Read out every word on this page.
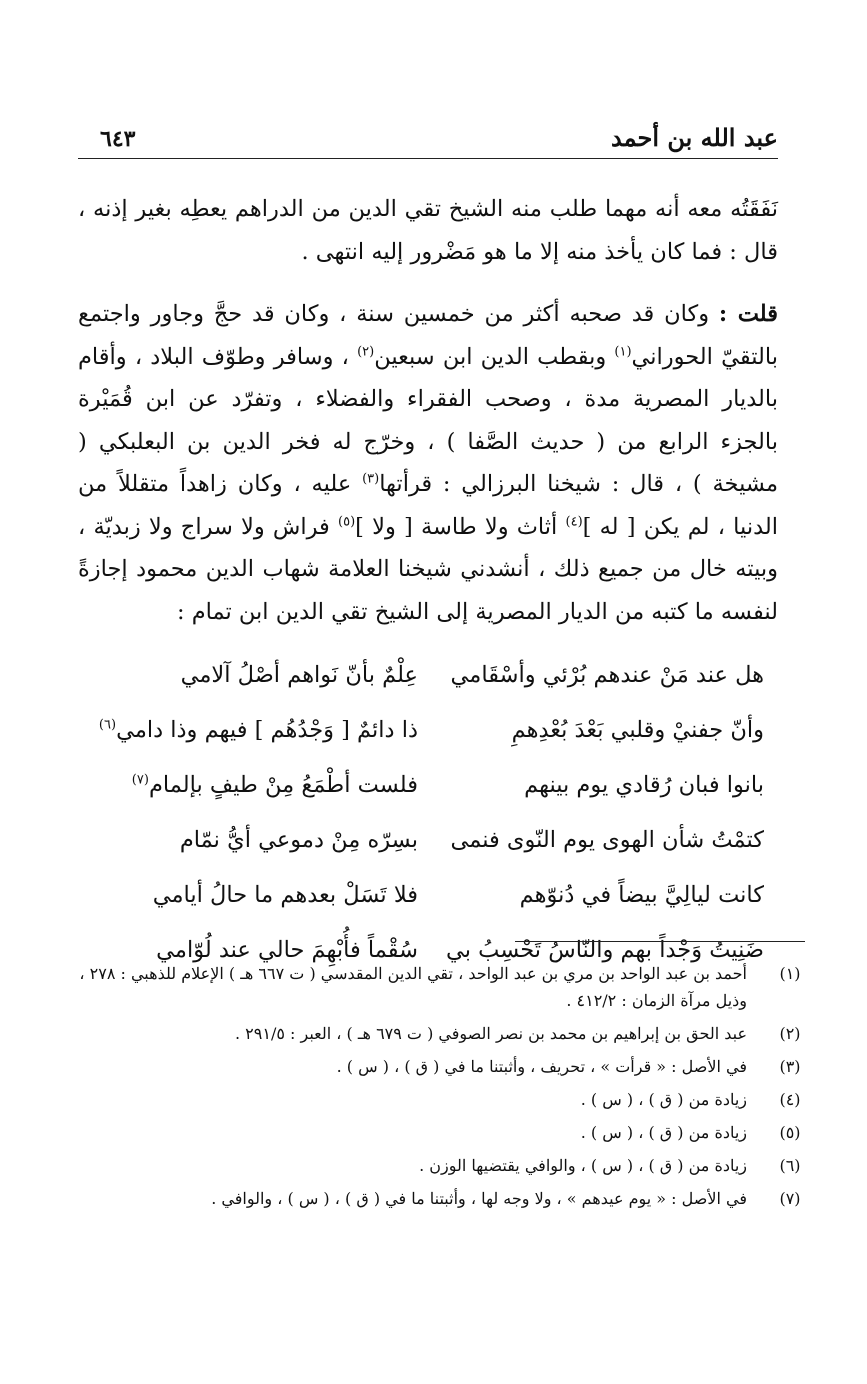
عبد الله بن أحمد
٦٤٣

نَفَقَتُه معه أنه مهما طلب منه الشيخ تقي الدين من الدراهم يعطِه بغير إذنه ، قال : فما كان يأخذ منه إلا ما هو مَضْرور إليه انتهى .

قلت : وكان قد صحبه أكثر من خمسين سنة ، وكان قد حجَّ وجاور واجتمع بالتقيّ الحوراني$^{(١)}$ وبقطب الدين ابن سبعين$^{(٢)}$ ، وسافر وطوّف البلاد ، وأقام بالديار المصرية مدة ، وصحب الفقراء والفضلاء ، وتفرّد عن ابن قُمَيْرة بالجزء الرابع من ( حديث الصَّفا ) ، وخرّج له فخر الدين بن البعلبكي ( مشيخة ) ، قال : شيخنا البرزالي : قرأتها$^{(٣)}$ عليه ، وكان زاهداً متقللاً من الدنيا ، لم يكن [ له ]$^{(٤)}$ أثاث ولا طاسة [ ولا ]$^{(٥)}$ فراش ولا سراج ولا زبديّة ، وبيته خال من جميع ذلك ، أنشدني شيخنا العلامة شهاب الدين محمود إجازةً لنفسه ما كتبه من الديار المصرية إلى الشيخ تقي الدين ابن تمام :

هل عند مَنْ عندهم بُرْئي وأسْقَامي
عِلْمٌ بأنّ نَواهم أصْلُ آلامي
وأنّ جفنيْ وقلبي بَعْدَ بُعْدِهمِ
ذا دائمٌ [ وَجْدُهُم ] فيهم وذا دامي$^{(٦)}$
بانوا فبان رُقادي يوم بينهم
فلست أطْمَعُ مِنْ طيفٍ بإلمام$^{(٧)}$
كتمْتُ شأن الهوى يوم النّوى فنمى
بسِرّه مِنْ دموعي أيُّ نمّام
كانت ليالِيَّ بيضاً في دُنوّهم
فلا تَسَلْ بعدهم ما حالُ أيامي
ضَنِيتُ وَجْداً بهم والنّاسُ تَحْسِبُ بي
سُقْماً فأُبْهِمَ حالي عند لُوّامي
(١)
أحمد بن عبد الواحد بن مري بن عبد الواحد ، تقي الدين المقدسي ( ت ٦٦٧ هـ ) الإعلام للذهبي : ٢٧٨ ، وذيل مرآة الزمان : ٤١٢/٢ .
(٢)
عبد الحق بن إبراهيم بن محمد بن نصر الصوفي ( ت ٦٧٩ هـ ) ، العبر : ٢٩١/٥ .
(٣)
في الأصل : « قرأت » ، تحريف ، وأثبتنا ما في ( ق ) ، ( س ) .
(٤)
زيادة من ( ق ) ، ( س ) .
(٥)
زيادة من ( ق ) ، ( س ) .
(٦)
زيادة من ( ق ) ، ( س ) ، والوافي يقتضيها الوزن .
(٧)
في الأصل : « يوم عيدهم » ، ولا وجه لها ، وأثبتنا ما في ( ق ) ، ( س ) ، والوافي .
